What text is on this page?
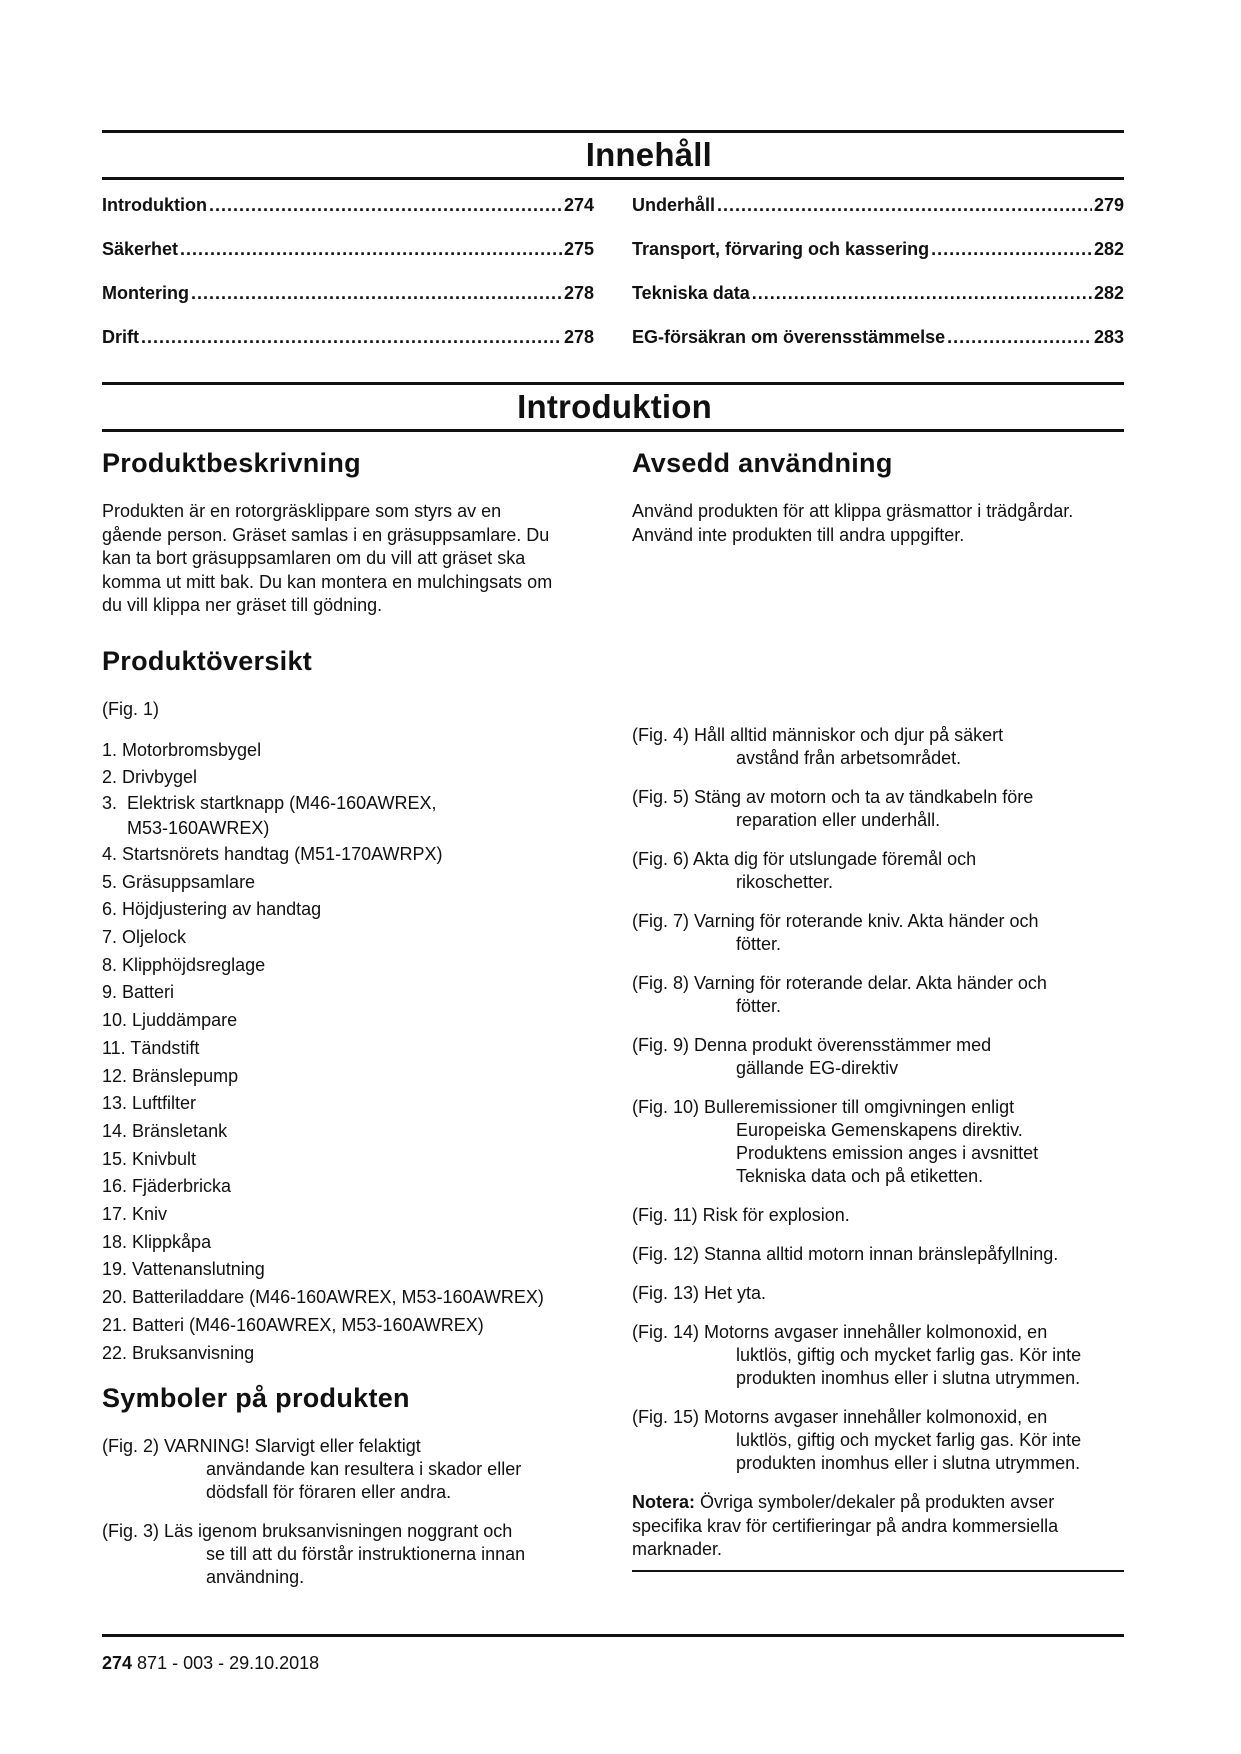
Innehåll
Introduktion .....	274
Säkerhet .....	275
Montering .....	278
Drift .....	278
Underhåll .....	279
Transport, förvaring och kassering .....	282
Tekniska data .....	282
EG-försäkran om överensstämmelse .....	283
Introduktion
Produktbeskrivning

Produkten är en rotorgräsklippare som styrs av en
gående person. Gräset samlas i en gräsuppsamlare. Du
kan ta bort gräsuppsamlaren om du vill att gräset ska
komma ut mitt bak. Du kan montera en mulchingsats om
du vill klippa ner gräset till gödning.

Produktöversikt
(Fig. 1)
1. Motorbromsbygel
2. Drivbygel
3.  Elektrisk startknapp (M46-160AWREX,
M53-160AWREX)
4. Startsnörets handtag (M51-170AWRPX)
5. Gräsuppsamlare
6. Höjdjustering av handtag
7. Oljelock
8. Klipphöjdsreglage
9. Batteri
10. Ljuddämpare
11. Tändstift
12. Bränslepump
13. Luftfilter
14. Bränsletank
15. Knivbult
16. Fjäderbricka
17. Kniv
18. Klippkåpa
19. Vattenanslutning
20. Batteriladdare (M46-160AWREX, M53-160AWREX)
21. Batteri (M46-160AWREX, M53-160AWREX)
22. Bruksanvisning
Symboler på produkten
(Fig. 2) VARNING! Slarvigt eller felaktigt
användande kan resultera i skador eller
dödsfall för föraren eller andra.
(Fig. 3) Läs igenom bruksanvisningen noggrant och
se till att du förstår instruktionerna innan
användning.
Avsedd användning

Använd produkten för att klippa gräsmattor i trädgårdar.
Använd inte produkten till andra uppgifter.

(Fig. 4) Håll alltid människor och djur på säkert
avstånd från arbetsområdet.
(Fig. 5) Stäng av motorn och ta av tändkabeln före
reparation eller underhåll.
(Fig. 6) Akta dig för utslungade föremål och
rikoschetter.
(Fig. 7) Varning för roterande kniv. Akta händer och
fötter.
(Fig. 8) Varning för roterande delar. Akta händer och
fötter.
(Fig. 9) Denna produkt överensstämmer med
gällande EG-direktiv
(Fig. 10) Bulleremissioner till omgivningen enligt
Europeiska Gemenskapens direktiv.
Produktens emission anges i avsnittet
Tekniska data och på etiketten.
(Fig. 11) Risk för explosion.
(Fig. 12) Stanna alltid motorn innan bränslepåfyllning.
(Fig. 13) Het yta.
(Fig. 14) Motorns avgaser innehåller kolmonoxid, en
luktlös, giftig och mycket farlig gas. Kör inte
produkten inomhus eller i slutna utrymmen.
(Fig. 15) Motorns avgaser innehåller kolmonoxid, en
luktlös, giftig och mycket farlig gas. Kör inte
produkten inomhus eller i slutna utrymmen.
Notera: Övriga symboler/dekaler på produkten avser
specifika krav för certifieringar på andra kommersiella
marknader.
274 871 - 003 - 29.10.2018
